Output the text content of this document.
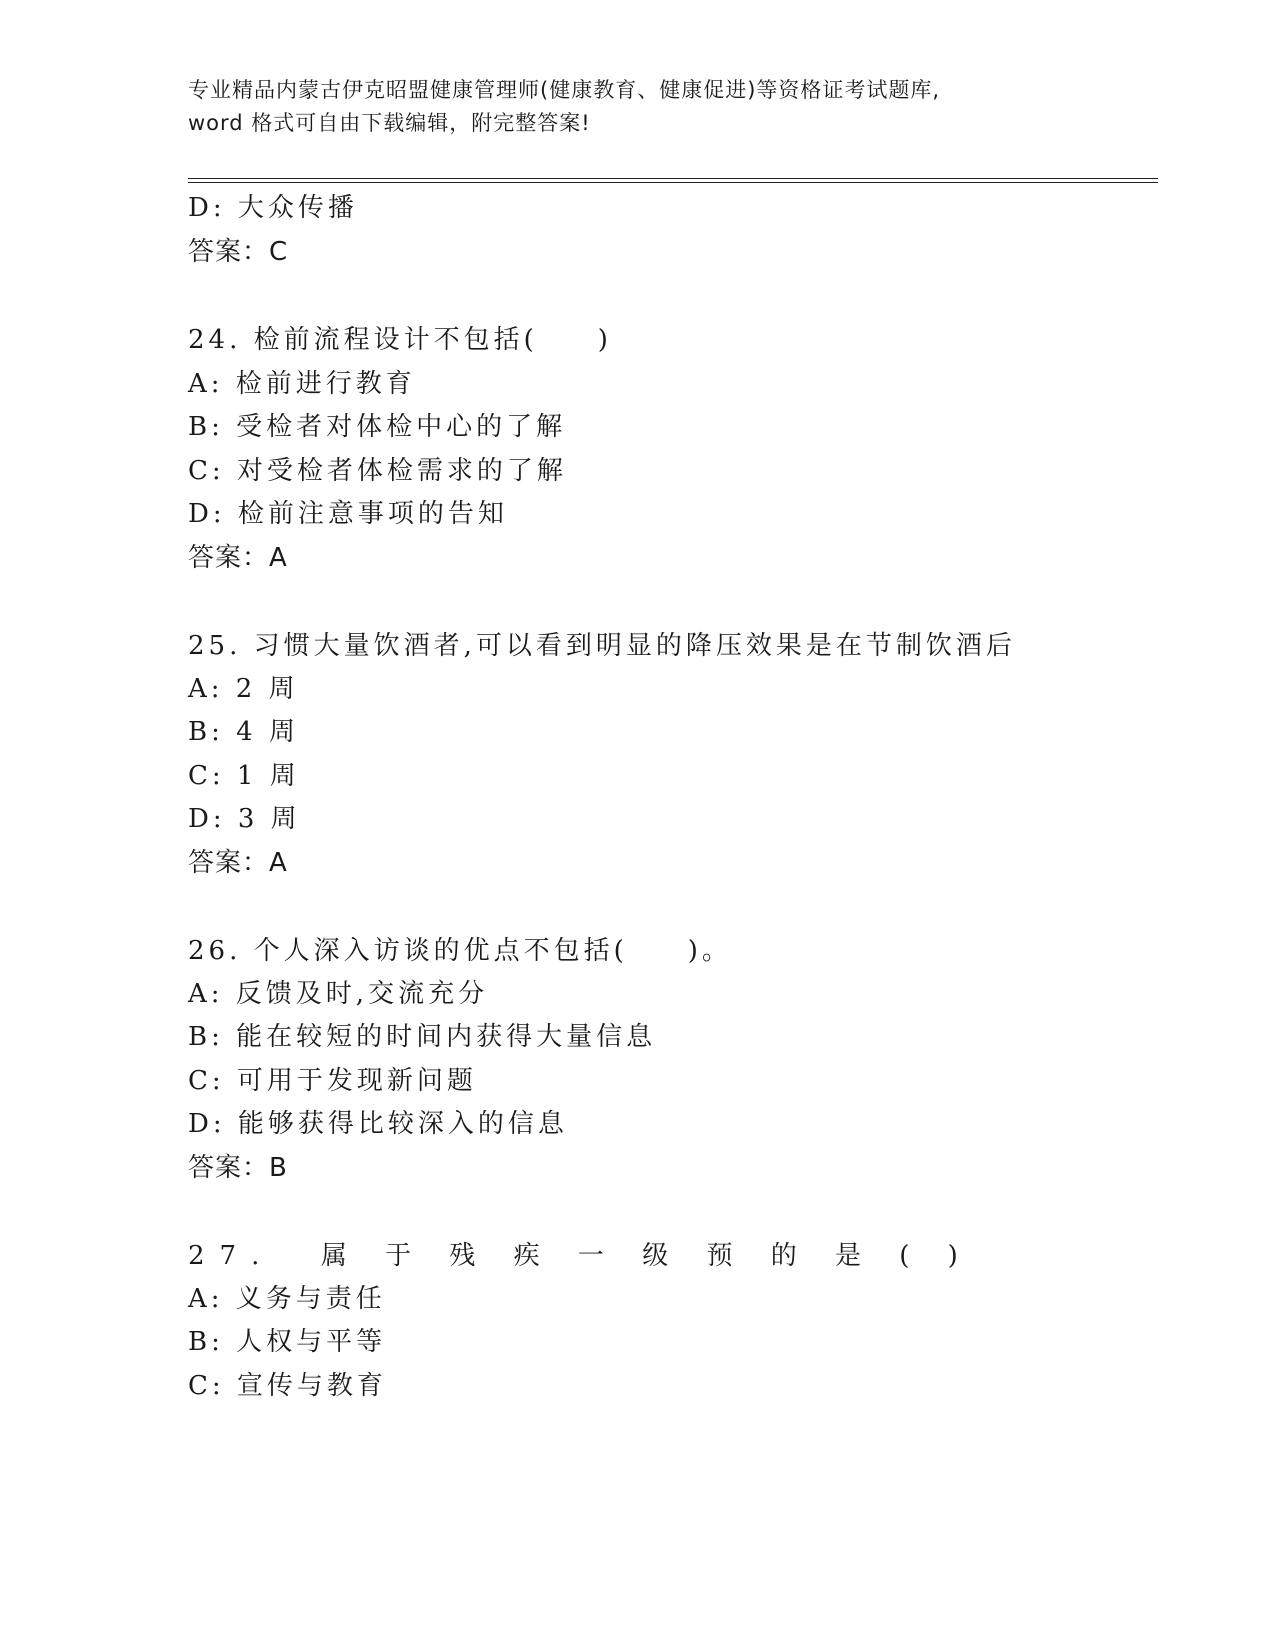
专业精品内蒙古伊克昭盟健康管理师(健康教育、健康促进)等资格证考试题库,
word 格式可自由下载编辑，附完整答案!
D: 大众传播
答案：C
24. 检前流程设计不包括(　　)
A: 检前进行教育
B: 受检者对体检中心的了解
C: 对受检者体检需求的了解
D: 检前注意事项的告知
答案：A
25. 习惯大量饮酒者,可以看到明显的降压效果是在节制饮酒后
A: 2 周
B: 4 周
C: 1 周
D: 3 周
答案：A
26. 个人深入访谈的优点不包括(　　)。
A: 反馈及时,交流充分
B: 能在较短的时间内获得大量信息
C: 可用于发现新问题
D: 能够获得比较深入的信息
答案：B
27.  属 于 残 疾 一 级 预 的 是 ( )
A: 义务与责任
B: 人权与平等
C: 宣传与教育
